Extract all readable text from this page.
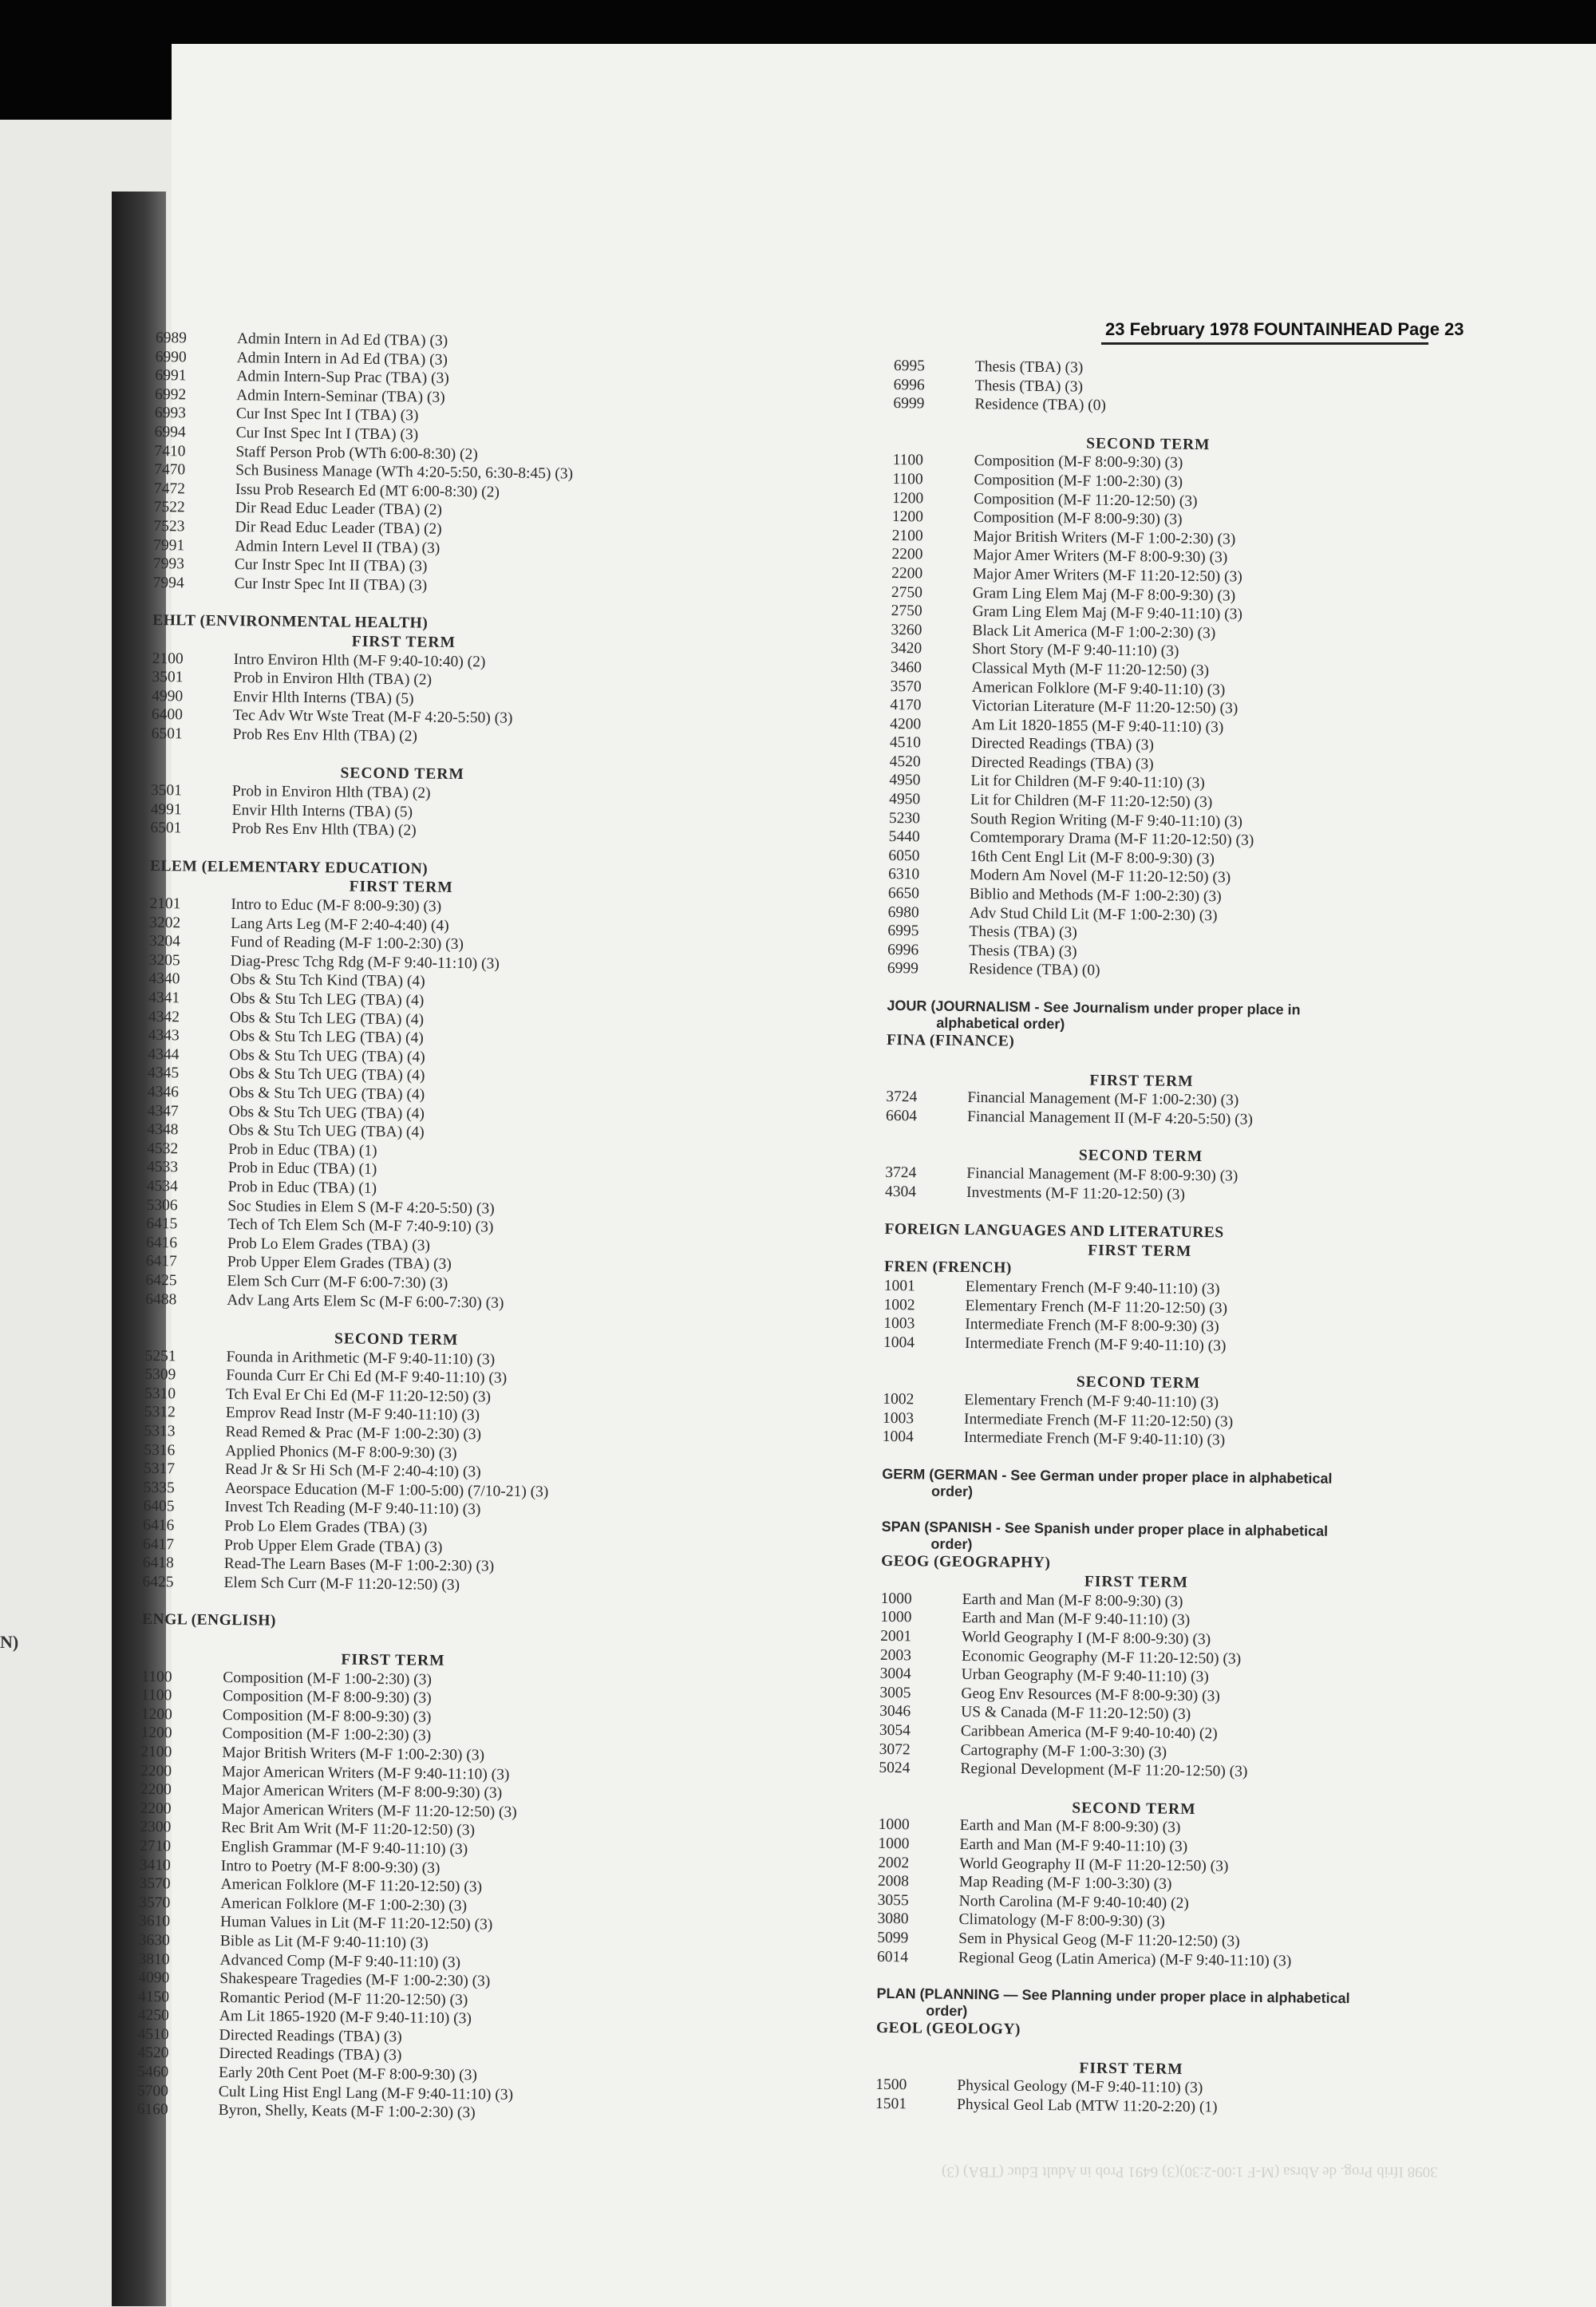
N)
23 February 1978 FOUNTAINHEAD Page 23
6989	Admin Intern in Ad Ed (TBA) (3)
6990	Admin Intern in Ad Ed (TBA) (3)
6991	Admin Intern-Sup Prac (TBA) (3)
6992	Admin Intern-Seminar (TBA) (3)
6993	Cur Inst Spec Int I (TBA) (3)
6994	Cur Inst Spec Int I (TBA) (3)
7410	Staff Person Prob (WTh 6:00-8:30) (2)
7470	Sch Business Manage (WTh 4:20-5:50, 6:30-8:45) (3)
7472	Issu Prob Research Ed (MT 6:00-8:30) (2)
7522	Dir Read Educ Leader (TBA) (2)
7523	Dir Read Educ Leader (TBA) (2)
7991	Admin Intern Level II (TBA) (3)
7993	Cur Instr Spec Int II (TBA) (3)
7994	Cur Instr Spec Int II (TBA) (3)
EHLT (ENVIRONMENTAL HEALTH)
FIRST TERM
2100	Intro Environ Hlth (M-F 9:40-10:40) (2)
3501	Prob in Environ Hlth (TBA) (2)
4990	Envir Hlth Interns (TBA) (5)
6400	Tec Adv Wtr Wste Treat (M-F 4:20-5:50) (3)
6501	Prob Res Env Hlth (TBA) (2)
SECOND TERM
3501	Prob in Environ Hlth (TBA) (2)
4991	Envir Hlth Interns (TBA) (5)
6501	Prob Res Env Hlth (TBA) (2)
ELEM (ELEMENTARY EDUCATION)
FIRST TERM
2101	Intro to Educ (M-F 8:00-9:30) (3)
3202	Lang Arts Leg (M-F 2:40-4:40) (4)
3204	Fund of Reading (M-F 1:00-2:30) (3)
3205	Diag-Presc Tchg Rdg (M-F 9:40-11:10) (3)
4340	Obs & Stu Tch Kind (TBA) (4)
4341	Obs & Stu Tch LEG (TBA) (4)
4342	Obs & Stu Tch LEG (TBA) (4)
4343	Obs & Stu Tch LEG (TBA) (4)
4344	Obs & Stu Tch UEG (TBA) (4)
4345	Obs & Stu Tch UEG (TBA) (4)
4346	Obs & Stu Tch UEG (TBA) (4)
4347	Obs & Stu Tch UEG (TBA) (4)
4348	Obs & Stu Tch UEG (TBA) (4)
4532	Prob in Educ (TBA) (1)
4533	Prob in Educ (TBA) (1)
4534	Prob in Educ (TBA) (1)
5306	Soc Studies in Elem S (M-F 4:20-5:50) (3)
6415	Tech of Tch Elem Sch (M-F 7:40-9:10) (3)
6416	Prob Lo Elem Grades (TBA) (3)
6417	Prob Upper Elem Grades (TBA) (3)
6425	Elem Sch Curr (M-F 6:00-7:30) (3)
6488	Adv Lang Arts Elem Sc (M-F 6:00-7:30) (3)
SECOND TERM
5251	Founda in Arithmetic (M-F 9:40-11:10) (3)
5309	Founda Curr Er Chi Ed (M-F 9:40-11:10) (3)
5310	Tch Eval Er Chi Ed (M-F 11:20-12:50) (3)
5312	Emprov Read Instr (M-F 9:40-11:10) (3)
5313	Read Remed & Prac (M-F 1:00-2:30) (3)
5316	Applied Phonics (M-F 8:00-9:30) (3)
5317	Read Jr & Sr Hi Sch (M-F 2:40-4:10) (3)
5335	Aeorspace Education (M-F 1:00-5:00) (7/10-21) (3)
6405	Invest Tch Reading (M-F 9:40-11:10) (3)
6416	Prob Lo Elem Grades (TBA) (3)
6417	Prob Upper Elem Grade (TBA) (3)
6418	Read-The Learn Bases (M-F 1:00-2:30) (3)
6425	Elem Sch Curr (M-F 11:20-12:50) (3)
ENGL (ENGLISH)
FIRST TERM
1100	Composition (M-F 1:00-2:30) (3)
1100	Composition (M-F 8:00-9:30) (3)
1200	Composition (M-F 8:00-9:30) (3)
1200	Composition (M-F 1:00-2:30) (3)
2100	Major British Writers (M-F 1:00-2:30) (3)
2200	Major American Writers (M-F 9:40-11:10) (3)
2200	Major American Writers (M-F 8:00-9:30) (3)
2200	Major American Writers (M-F 11:20-12:50) (3)
2300	Rec Brit Am Writ (M-F 11:20-12:50) (3)
2710	English Grammar (M-F 9:40-11:10) (3)
3410	Intro to Poetry (M-F 8:00-9:30) (3)
3570	American Folklore (M-F 11:20-12:50) (3)
3570	American Folklore (M-F 1:00-2:30) (3)
3610	Human Values in Lit (M-F 11:20-12:50) (3)
3630	Bible as Lit (M-F 9:40-11:10) (3)
3810	Advanced Comp (M-F 9:40-11:10) (3)
4090	Shakespeare Tragedies (M-F 1:00-2:30) (3)
4150	Romantic Period (M-F 11:20-12:50) (3)
4250	Am Lit 1865-1920 (M-F 9:40-11:10) (3)
4510	Directed Readings (TBA) (3)
4520	Directed Readings (TBA) (3)
5460	Early 20th Cent Poet (M-F 8:00-9:30) (3)
5700	Cult Ling Hist Engl Lang (M-F 9:40-11:10) (3)
6160	Byron, Shelly, Keats (M-F 1:00-2:30) (3)
6995	Thesis (TBA) (3)
6996	Thesis (TBA) (3)
6999	Residence (TBA) (0)
SECOND TERM
1100	Composition (M-F 8:00-9:30) (3)
1100	Composition (M-F 1:00-2:30) (3)
1200	Composition (M-F 11:20-12:50) (3)
1200	Composition (M-F 8:00-9:30) (3)
2100	Major British Writers (M-F 1:00-2:30) (3)
2200	Major Amer Writers (M-F 8:00-9:30) (3)
2200	Major Amer Writers (M-F 11:20-12:50) (3)
2750	Gram Ling Elem Maj (M-F 8:00-9:30) (3)
2750	Gram Ling Elem Maj (M-F 9:40-11:10) (3)
3260	Black Lit America (M-F 1:00-2:30) (3)
3420	Short Story (M-F 9:40-11:10) (3)
3460	Classical Myth (M-F 11:20-12:50) (3)
3570	American Folklore (M-F 9:40-11:10) (3)
4170	Victorian Literature (M-F 11:20-12:50) (3)
4200	Am Lit 1820-1855 (M-F 9:40-11:10) (3)
4510	Directed Readings (TBA) (3)
4520	Directed Readings (TBA) (3)
4950	Lit for Children (M-F 9:40-11:10) (3)
4950	Lit for Children (M-F 11:20-12:50) (3)
5230	South Region Writing (M-F 9:40-11:10) (3)
5440	Comtemporary Drama (M-F 11:20-12:50) (3)
6050	16th Cent Engl Lit (M-F 8:00-9:30) (3)
6310	Modern Am Novel (M-F 11:20-12:50) (3)
6650	Biblio and Methods (M-F 1:00-2:30) (3)
6980	Adv Stud Child Lit (M-F 1:00-2:30) (3)
6995	Thesis (TBA) (3)
6996	Thesis (TBA) (3)
6999	Residence (TBA) (0)
JOUR (JOURNALISM - See Journalism under proper place in
alphabetical order)
FINA (FINANCE)
FIRST TERM
3724	Financial Management (M-F 1:00-2:30) (3)
6604	Financial Management II (M-F 4:20-5:50) (3)
SECOND TERM
3724	Financial Management (M-F 8:00-9:30) (3)
4304	Investments (M-F 11:20-12:50) (3)
FOREIGN LANGUAGES AND LITERATURES
FIRST TERM
FREN (FRENCH)
1001	Elementary French (M-F 9:40-11:10) (3)
1002	Elementary French (M-F 11:20-12:50) (3)
1003	Intermediate French (M-F 8:00-9:30) (3)
1004	Intermediate French (M-F 9:40-11:10) (3)
SECOND TERM
1002	Elementary French (M-F 9:40-11:10) (3)
1003	Intermediate French (M-F 11:20-12:50) (3)
1004	Intermediate French (M-F 9:40-11:10) (3)
GERM (GERMAN - See German under proper place in alphabetical
order)
SPAN (SPANISH - See Spanish under proper place in alphabetical
order)
GEOG (GEOGRAPHY)
FIRST TERM
1000	Earth and Man (M-F 8:00-9:30) (3)
1000	Earth and Man (M-F 9:40-11:10) (3)
2001	World Geography I (M-F 8:00-9:30) (3)
2003	Economic Geography (M-F 11:20-12:50) (3)
3004	Urban Geography (M-F 9:40-11:10) (3)
3005	Geog Env Resources (M-F 8:00-9:30) (3)
3046	US & Canada (M-F 11:20-12:50) (3)
3054	Caribbean America (M-F 9:40-10:40) (2)
3072	Cartography (M-F 1:00-3:30) (3)
5024	Regional Development (M-F 11:20-12:50) (3)
SECOND TERM
1000	Earth and Man (M-F 8:00-9:30) (3)
1000	Earth and Man (M-F 9:40-11:10) (3)
2002	World Geography II (M-F 11:20-12:50) (3)
2008	Map Reading (M-F 1:00-3:30) (3)
3055	North Carolina (M-F 9:40-10:40) (2)
3080	Climatology (M-F 8:00-9:30) (3)
5099	Sem in Physical Geog (M-F 11:20-12:50) (3)
6014	Regional Geog (Latin America) (M-F 9:40-11:10) (3)
PLAN (PLANNING — See Planning under proper place in alphabetical
order)
GEOL (GEOLOGY)
FIRST TERM
1500	Physical Geology (M-F 9:40-11:10) (3)
1501	Physical Geol Lab (MTW 11:20-2:20) (1)
3098 Ifrib Prog. de Abrsa (M-F 1:00-2:30)(3) 6491 Prob in Adult Educ (TBA) (3)
